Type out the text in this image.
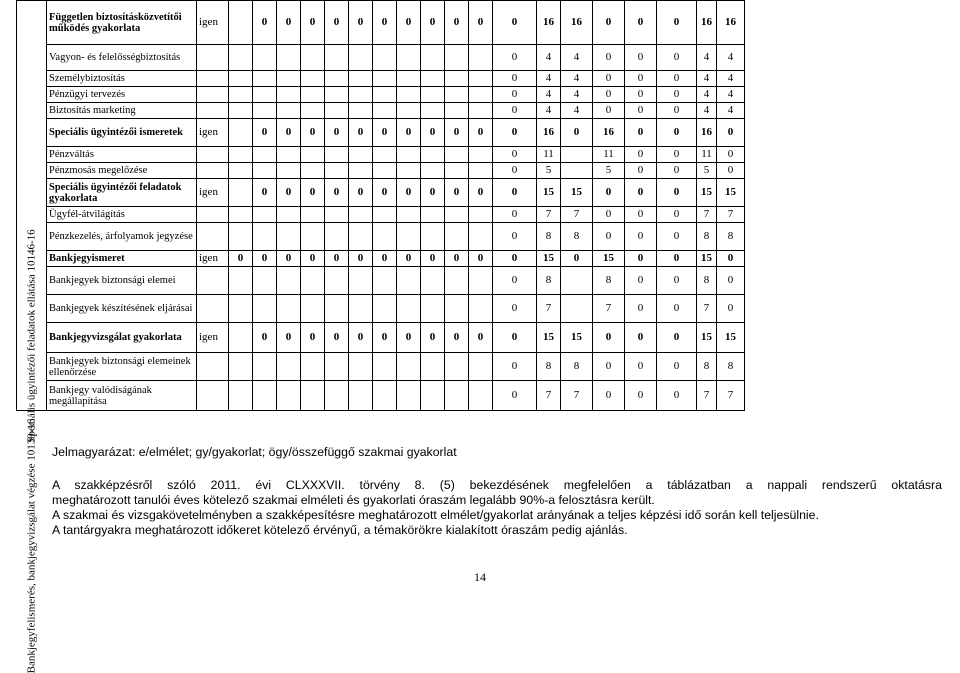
Speciális ügyintézői feladatok ellátása 10146-16
Bankjegyfelismerés, bankjegyvizsgálat végzése 10139-16	Független biztosításközvetítői működés gyakorlata	igen		0	0	0	0	0	0	0	0	0	0	0	16	16	0	0	0	16	16
	Vagyon- és felelősségbiztosítás													0	4	4	0	0	0	4	4
	Személybiztosítás													0	4	4	0	0	0	4	4
	Pénzügyi tervezés													0	4	4	0	0	0	4	4
	Biztosítás marketing													0	4	4	0	0	0	4	4
	Speciális ügyintézői ismeretek	igen		0	0	0	0	0	0	0	0	0	0	0	16	0	16	0	0	16	0
	Pénzváltás													0	11		11	0	0	11	0
	Pénzmosás megelőzése													0	5		5	0	0	5	0
	Speciális ügyintézői feladatok gyakorlata	igen		0	0	0	0	0	0	0	0	0	0	0	15	15	0	0	0	15	15
	Ügyfél-átvilágítás													0	7	7	0	0	0	7	7
	Pénzkezelés, árfolyamok jegyzése													0	8	8	0	0	0	8	8
	Bankjegyismeret	igen	0	0	0	0	0	0	0	0	0	0	0	0	15	0	15	0	0	15	0
	Bankjegyek biztonsági elemei													0	8		8	0	0	8	0
	Bankjegyek készítésének eljárásai													0	7		7	0	0	7	0
	Bankjegyvizsgálat gyakorlata	igen		0	0	0	0	0	0	0	0	0	0	0	15	15	0	0	0	15	15
	Bankjegyek biztonsági elemeinek ellenőrzése													0	8	8	0	0	0	8	8
	Bankjegy valódiságának megállapítása													0	7	7	0	0	0	7	7
Jelmagyarázat: e/elmélet; gy/gyakorlat; ögy/összefüggő szakmai gyakorlat
A szakképzésről szóló 2011. évi CLXXXVII. törvény 8. (5) bekezdésének megfelelően a táblázatban a nappali rendszerű oktatásra
meghatározott tanulói éves kötelező szakmai elméleti és gyakorlati óraszám legalább 90%-a felosztásra került.
A szakmai és vizsgakövetelményben a szakképesítésre meghatározott elmélet/gyakorlat arányának a teljes képzési idő során kell teljesülnie.
A tantárgyakra meghatározott időkeret kötelező érvényű, a témakörökre kialakított óraszám pedig ajánlás.
14
